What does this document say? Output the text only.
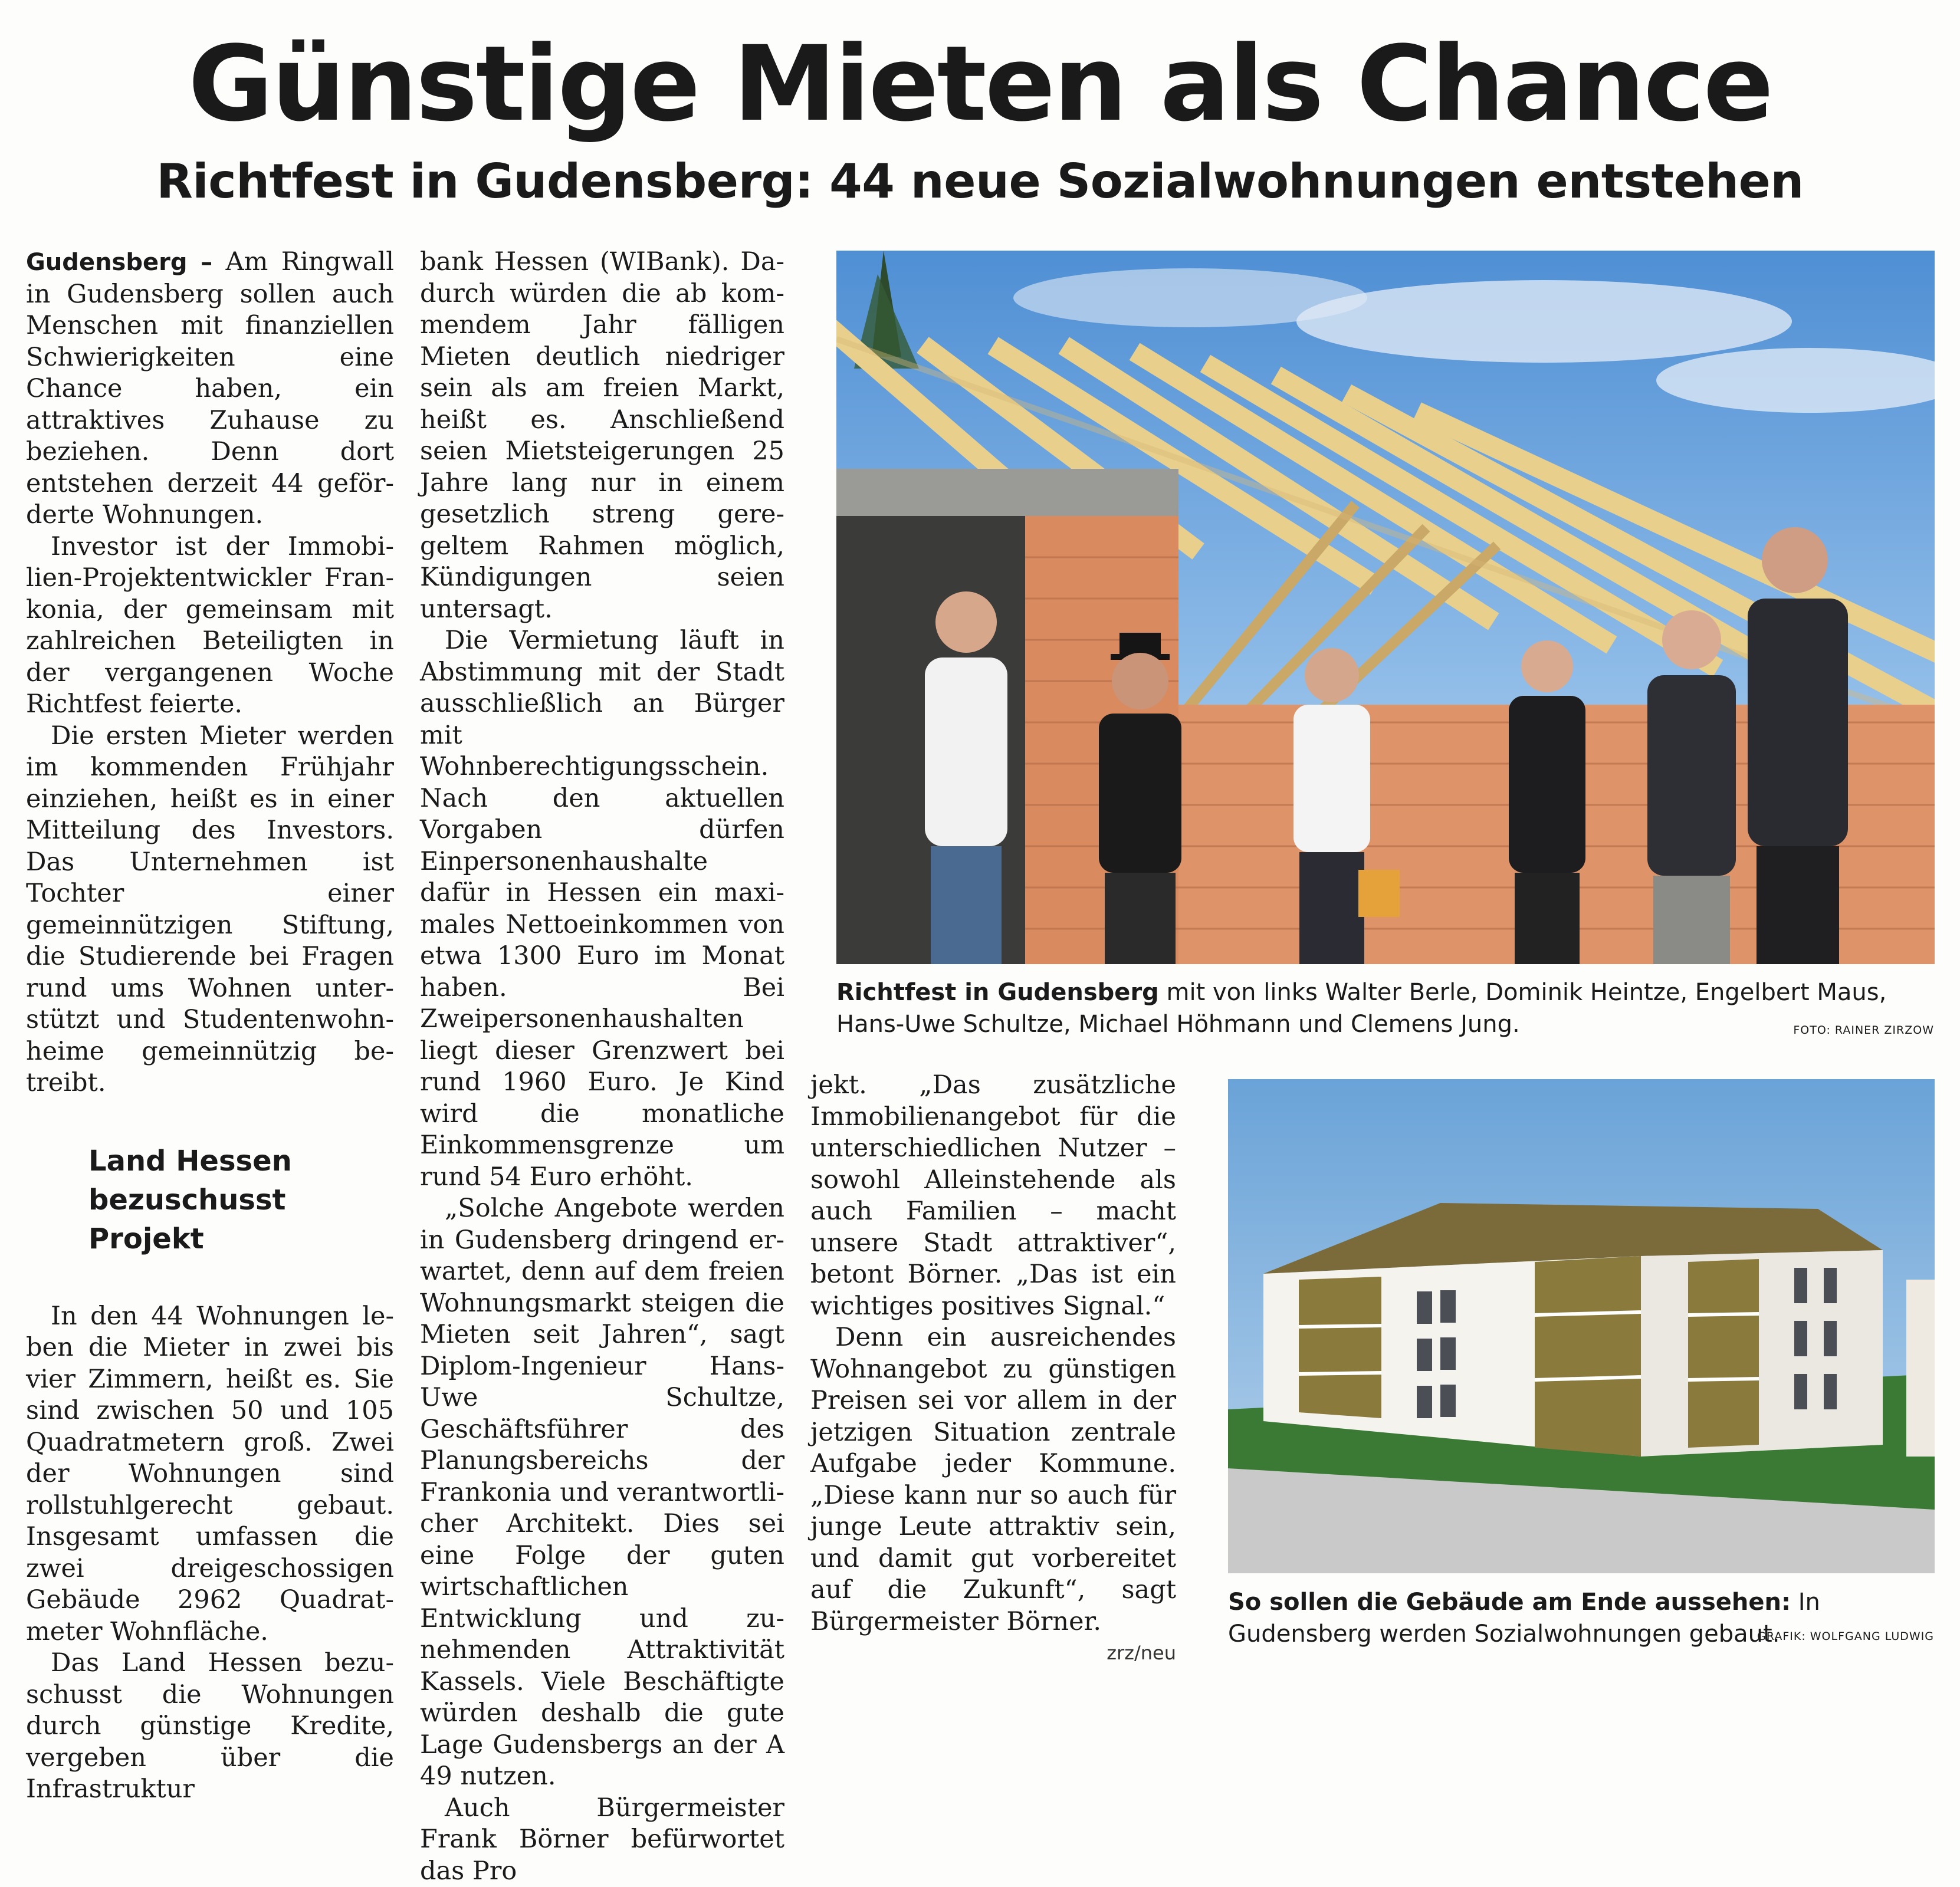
Günstige Mieten als Chance
Richtfest in Gudensberg: 44 neue Sozialwohnungen entstehen

Gudensberg – Am Ringwall in Gudensberg sollen auch Menschen mit finanziellen Schwierigkeiten eine Chance haben, ein attraktives Zuhause zu beziehen. Denn dort entstehen derzeit 44 geförderte Wohnungen.

Investor ist der Immobilien-Projektentwickler Frankonia, der gemeinsam mit zahlreichen Beteiligten in der vergangenen Woche Richtfest feierte.

Die ersten Mieter werden im kommenden Frühjahr einziehen, heißt es in einer Mitteilung des Investors. Das Unternehmen ist Tochter einer gemeinnützigen Stiftung, die Studierende bei Fragen rund ums Wohnen unterstützt und Studentenwohnheime gemeinnützig betreibt.

Land Hessen
bezuschusst Projekt

In den 44 Wohnungen leben die Mieter in zwei bis vier Zimmern, heißt es. Sie sind zwischen 50 und 105 Quadratmetern groß. Zwei der Wohnungen sind rollstuhlgerecht gebaut. Insgesamt umfassen die zwei dreigeschossigen Gebäude 2962 Quadratmeter Wohnfläche.

Das Land Hessen bezuschusst die Wohnungen durch günstige Kredite, vergeben über die Infrastruktur

bank Hessen (WIBank). Dadurch würden die ab kommendem Jahr fälligen Mieten deutlich niedriger sein als am freien Markt, heißt es. Anschließend seien Mietsteigerungen 25 Jahre lang nur in einem gesetzlich streng geregeltem Rahmen möglich, Kündigungen seien untersagt.

Die Vermietung läuft in Abstimmung mit der Stadt ausschließlich an Bürger mit Wohnberechtigungsschein. Nach den aktuellen Vorgaben dürfen Einpersonenhaushalte dafür in Hessen ein maximales Nettoeinkommen von etwa 1300 Euro im Monat haben. Bei Zweipersonenhaushalten liegt dieser Grenzwert bei rund 1960 Euro. Je Kind wird die monatliche Einkommensgrenze um rund 54 Euro erhöht.

„Solche Angebote werden in Gudensberg dringend erwartet, denn auf dem freien Wohnungsmarkt steigen die Mieten seit Jahren“, sagt Diplom-Ingenieur Hans-Uwe Schultze, Geschäftsführer des Planungsbereichs der Frankonia und verantwortlicher Architekt. Dies sei eine Folge der guten wirtschaftlichen Entwicklung und zunehmenden Attraktivität Kassels. Viele Beschäftigte würden deshalb die gute Lage Gudensbergs an der A 49 nutzen.

Auch Bürgermeister Frank Börner befürwortet das Pro

jekt. „Das zusätzliche Immobilienangebot für die unterschiedlichen Nutzer – sowohl Alleinstehende als auch Familien – macht unsere Stadt attraktiver“, betont Börner. „Das ist ein wichtiges positives Signal.“

Denn ein ausreichendes Wohnangebot zu günstigen Preisen sei vor allem in der jetzigen Situation zentrale Aufgabe jeder Kommune. „Diese kann nur so auch für junge Leute attraktiv sein, und damit gut vorbereitet auf die Zukunft“, sagt Bürgermeister Börner.

zrz/neu
Richtfest in Gudensberg mit von links Walter Berle, Dominik Heintze, Engelbert Maus, Hans-Uwe Schultze, Michael Höhmann und Clemens Jung.	FOTO: RAINER ZIRZOW
So sollen die Gebäude am Ende aussehen: In Gudensberg werden Sozialwohnungen gebaut.
GRAFIK: WOLFGANG LUDWIG
